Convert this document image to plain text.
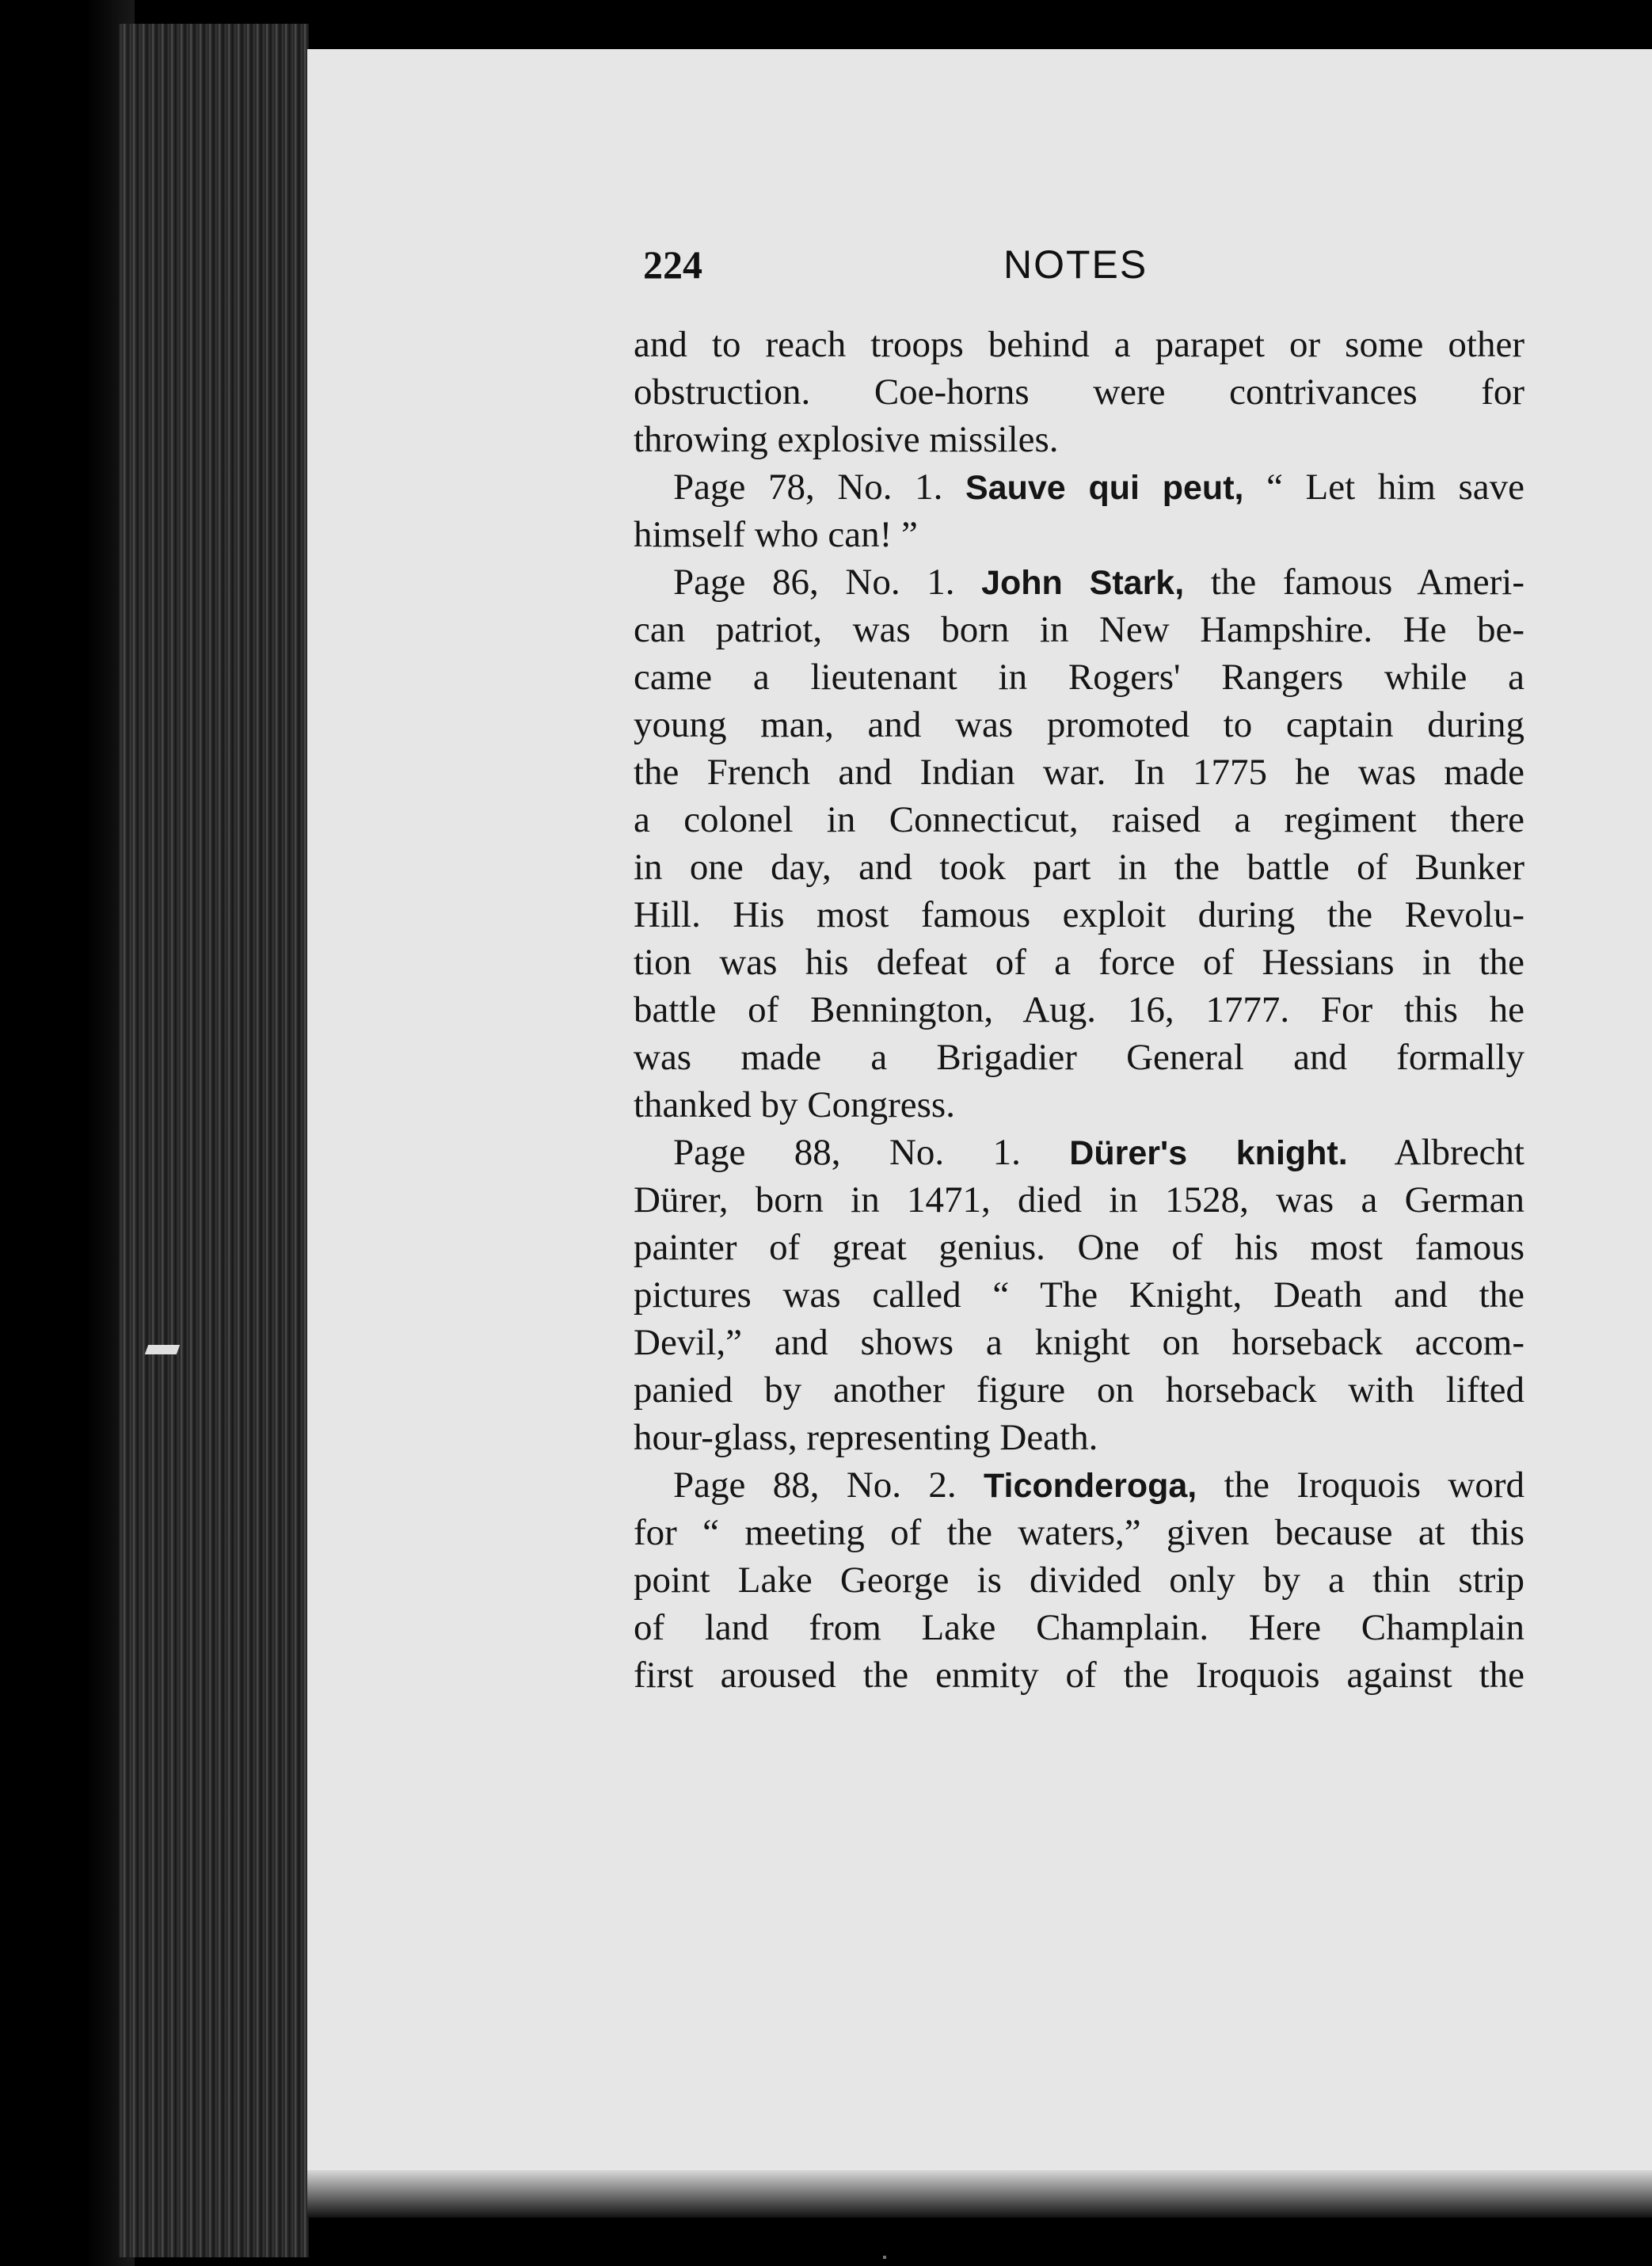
224	NOTES
and to reach troops behind a parapet or some other
obstruction. Coe-horns were contrivances for
throwing explosive missiles.
Page 78, No. 1. Sauve qui peut, “ Let him save
himself who can! ”
Page 86, No. 1. John Stark, the famous Ameri-
can patriot, was born in New Hampshire. He be-
came a lieutenant in Rogers' Rangers while a
young man, and was promoted to captain during
the French and Indian war. In 1775 he was made
a colonel in Connecticut, raised a regiment there
in one day, and took part in the battle of Bunker
Hill. His most famous exploit during the Revolu-
tion was his defeat of a force of Hessians in the
battle of Bennington, Aug. 16, 1777. For this he
was made a Brigadier General and formally
thanked by Congress.
Page 88, No. 1. Dürer's knight. Albrecht
Dürer, born in 1471, died in 1528, was a German
painter of great genius. One of his most famous
pictures was called “ The Knight, Death and the
Devil,” and shows a knight on horseback accom-
panied by another figure on horseback with lifted
hour-glass, representing Death.
Page 88, No. 2. Ticonderoga, the Iroquois word
for “ meeting of the waters,” given because at this
point Lake George is divided only by a thin strip
of land from Lake Champlain. Here Champlain
first aroused the enmity of the Iroquois against the
